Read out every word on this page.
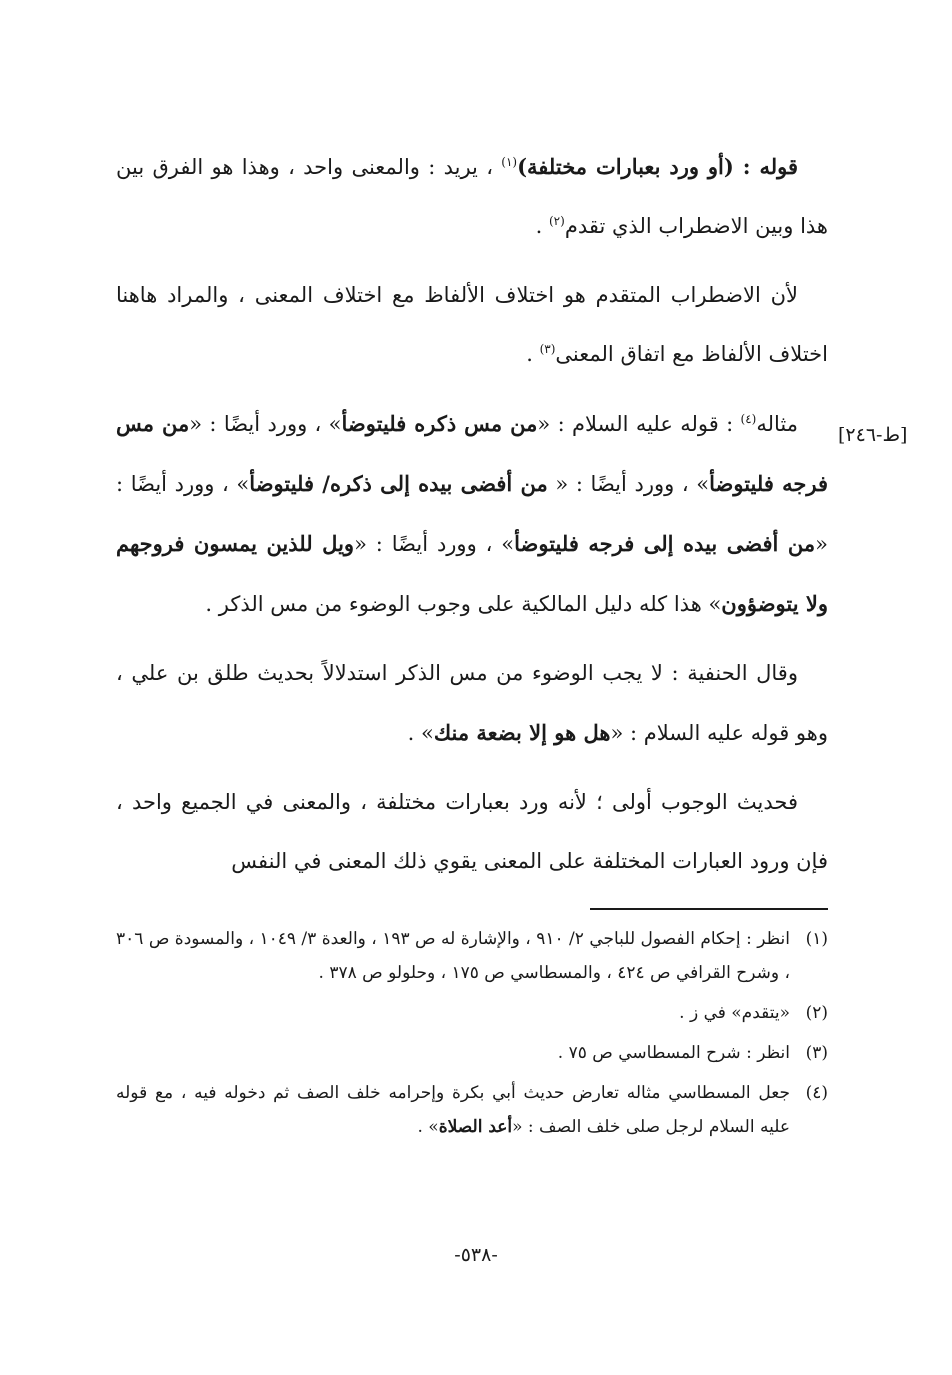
[ط-٢٤٦]

قوله : (أو ورد بعبارات مختلفة)$^{(١)}$ ، يريد : والمعنى واحد ، وهذا هو الفرق بين هذا وبين الاضطراب الذي تقدم$^{(٢)}$ .

لأن الاضطراب المتقدم هو اختلاف الألفاظ مع اختلاف المعنى ، والمراد هاهنا اختلاف الألفاظ مع اتفاق المعنى$^{(٣)}$ .

مثاله$^{(٤)}$ : قوله عليه السلام : «من مس ذكره فليتوضأ» ، وورد أيضًا : «من مس فرجه فليتوضأ» ، وورد أيضًا : « من أفضى بيده إلى ذكره/ فليتوضأ» ، وورد أيضًا : «من أفضى بيده إلى فرجه فليتوضأ» ، وورد أيضًا : «ويل للذين يمسون فروجهم ولا يتوضؤون» هذا كله دليل المالكية على وجوب الوضوء من مس الذكر .

وقال الحنفية : لا يجب الوضوء من مس الذكر استدلالاً بحديث طلق بن علي ، وهو قوله عليه السلام : «هل هو إلا بضعة منك» .

فحديث الوجوب أولى ؛ لأنه ورد بعبارات مختلفة ، والمعنى في الجميع واحد ، فإن ورود العبارات المختلفة على المعنى يقوي ذلك المعنى في النفس

(١)
انظر : إحكام الفصول للباجي ٢/ ٩١٠ ، والإشارة له ص ١٩٣ ، والعدة ٣/ ١٠٤٩ ، والمسودة ص ٣٠٦ ، وشرح القرافي ص ٤٢٤ ، والمسطاسي ص ١٧٥ ، وحلولو ص ٣٧٨ .

(٢)
«يتقدم» في ز .

(٣)
انظر : شرح المسطاسي ص ٧٥ .

(٤)
جعل المسطاسي مثاله تعارض حديث أبي بكرة وإحرامه خلف الصف ثم دخوله فيه ، مع قوله عليه السلام لرجل صلى خلف الصف : «أعد الصلاة» .

-٥٣٨-
